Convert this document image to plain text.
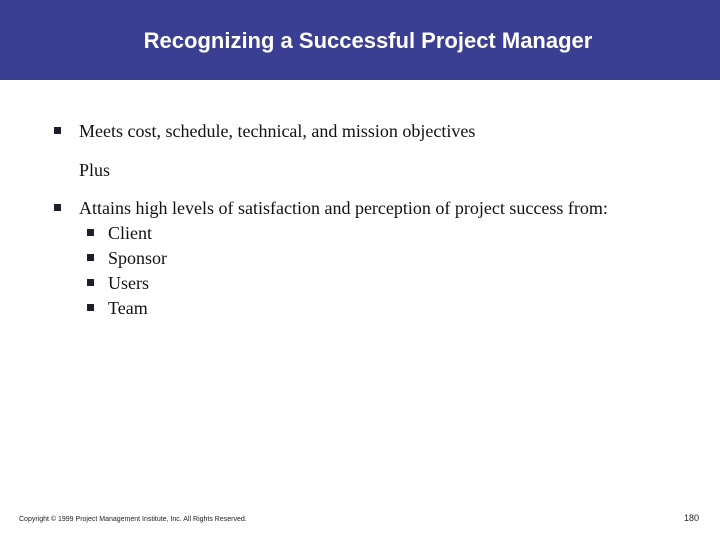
Recognizing a Successful Project Manager
Meets cost, schedule, technical, and mission objectives
Plus
Attains high levels of satisfaction and perception of project success from:
Client
Sponsor
Users
Team
Copyright © 1999 Project Management Institute, Inc. All Rights Reserved.	180
